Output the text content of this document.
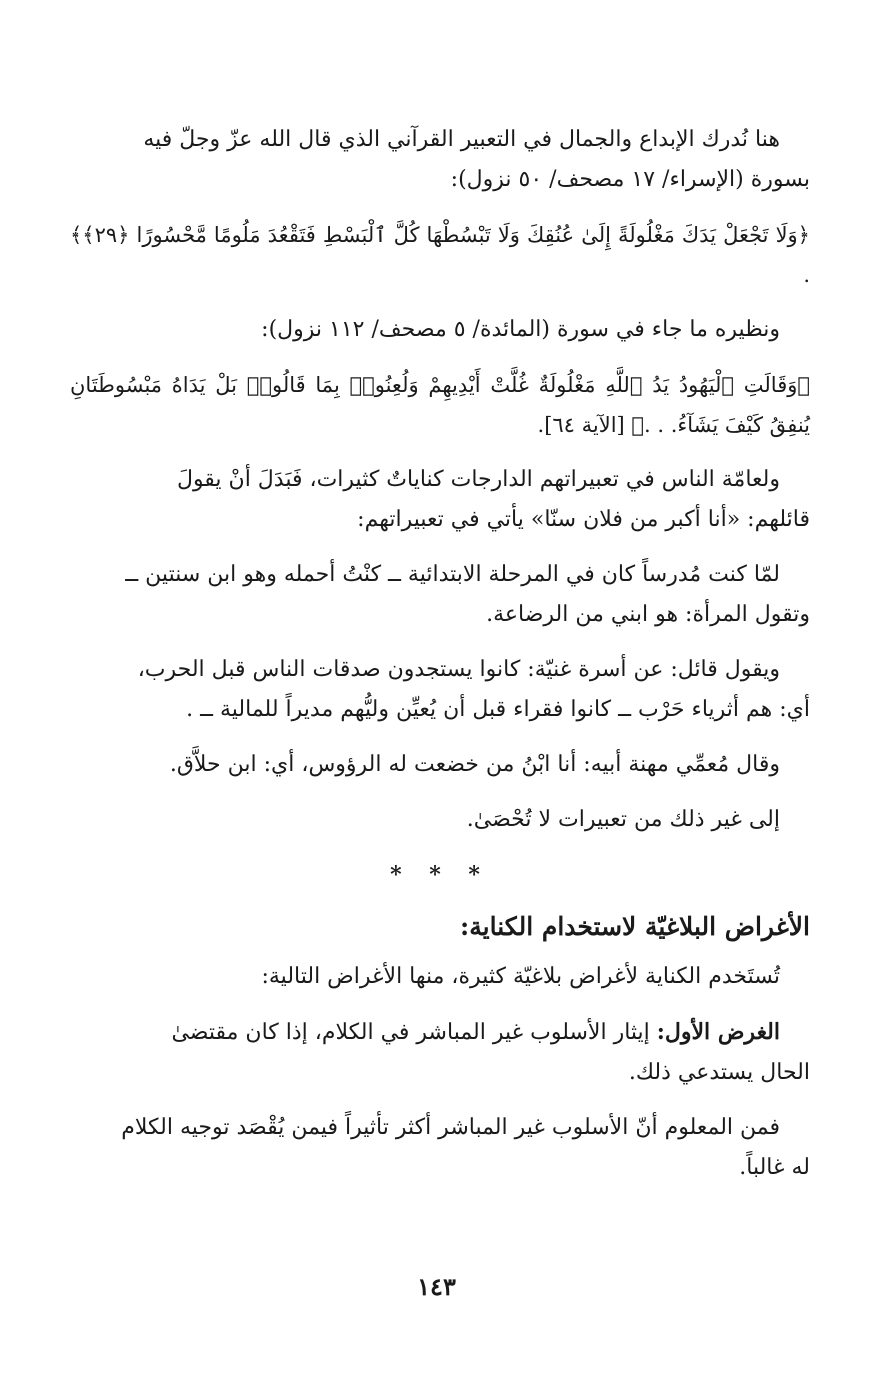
هنا نُدرك الإبداع والجمال في التعبير القرآني الذي قال الله عزّ وجلّ فيه
بسورة (الإسراء/ ١٧ مصحف/ ٥٠ نزول):

﴿وَلَا تَجْعَلْ يَدَكَ مَغْلُولَةً إِلَىٰ عُنُقِكَ وَلَا تَبْسُطْهَا كُلَّ ٱلْبَسْطِ فَتَقْعُدَ مَلُومًا مَّحْسُورًا ﴿٢٩﴾﴾ .

ونظيره ما جاء في سورة (المائدة/ ٥ مصحف/ ١١٢ نزول):

﴿وَقَالَتِ ٱلْيَهُودُ يَدُ ٱللَّهِ مَغْلُولَةٌ غُلَّتْ أَيْدِيهِمْ وَلُعِنُوا۟ بِمَا قَالُوا۟ بَلْ يَدَاهُ مَبْسُوطَتَانِ يُنفِقُ كَيْفَ يَشَآءُ. . .﴾ [الآية ٦٤].

ولعامّة الناس في تعبيراتهم الدارجات كناياتٌ كثيرات، فَبَدَلَ أنْ يقولَ
قائلهم: «أنا أكبر من فلان سنّا» يأتي في تعبيراتهم:

لمّا كنت مُدرساً كان في المرحلة الابتدائية ــ كنْتُ أحمله وهو ابن سنتين ــ
وتقول المرأة: هو ابني من الرضاعة.

ويقول قائل: عن أسرة غنيّة: كانوا يستجدون صدقات الناس قبل الحرب،
أي: هم أثرياء حَرْب ــ كانوا فقراء قبل أن يُعيِّن وليُّهم مديراً للمالية ــ .

وقال مُعمِّي مهنة أبيه: أنا ابْنُ من خضعت له الرؤوس، أي: ابن حلاَّق.

إلى غير ذلك من تعبيرات لا تُحْصَىٰ.

* * *
الأغراض البلاغيّة لاستخدام الكناية:

تُستَخدم الكناية لأغراض بلاغيّة كثيرة، منها الأغراض التالية:

الغرض الأول: إيثار الأسلوب غير المباشر في الكلام، إذا كان مقتضىٰ
الحال يستدعي ذلك.

فمن المعلوم أنّ الأسلوب غير المباشر أكثر تأثيراً فيمن يُقْصَد توجيه الكلام
له غالباً.

١٤٣
